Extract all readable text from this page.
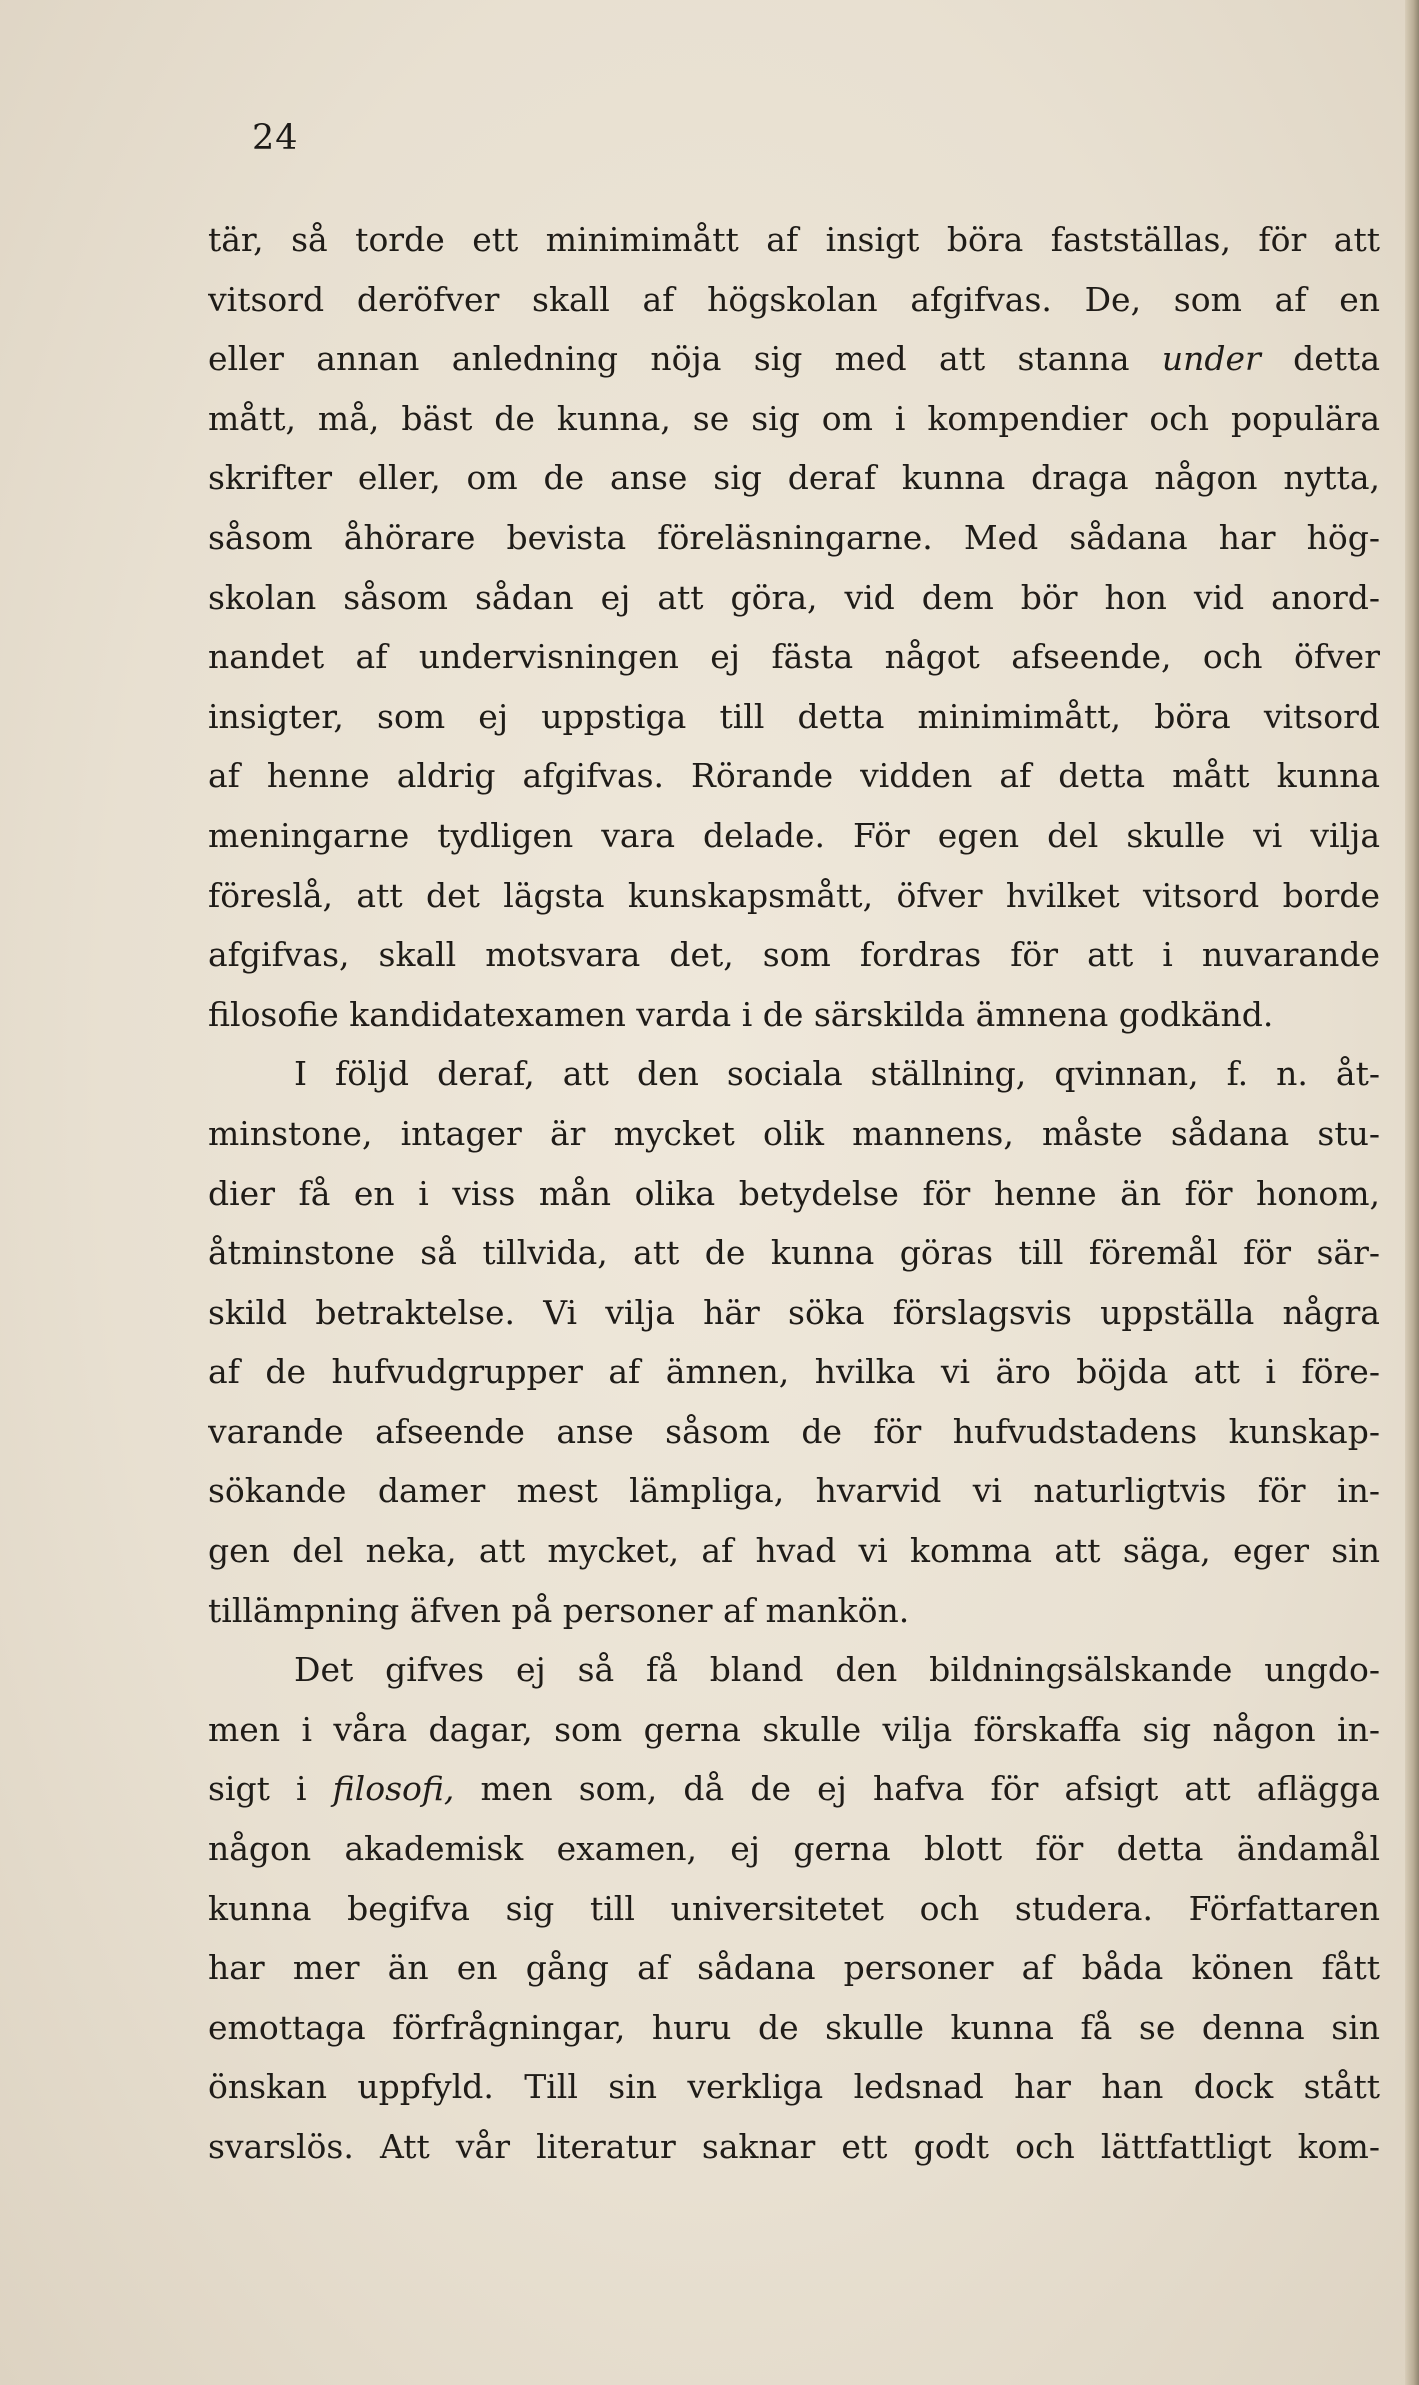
24
tär, så torde ett minimimått af insigt böra fastställas, för att
vitsord deröfver skall af högskolan afgifvas. De, som af en
eller annan anledning nöja sig med att stanna under detta
mått, må, bäst de kunna, se sig om i kompendier och populära
skrifter eller, om de anse sig deraf kunna draga någon nytta,
såsom åhörare bevista föreläsningarne. Med sådana har hög-
skolan såsom sådan ej att göra, vid dem bör hon vid anord-
nandet af undervisningen ej fästa något afseende, och öfver
insigter, som ej uppstiga till detta minimimått, böra vitsord
af henne aldrig afgifvas. Rörande vidden af detta mått kunna
meningarne tydligen vara delade. För egen del skulle vi vilja
föreslå, att det lägsta kunskapsmått, öfver hvilket vitsord borde
afgifvas, skall motsvara det, som fordras för att i nuvarande
filosofie kandidatexamen varda i de särskilda ämnena godkänd.
I följd deraf, att den sociala ställning, qvinnan, f. n. åt-
minstone, intager är mycket olik mannens, måste sådana stu-
dier få en i viss mån olika betydelse för henne än för honom,
åtminstone så tillvida, att de kunna göras till föremål för sär-
skild betraktelse. Vi vilja här söka förslagsvis uppställa några
af de hufvudgrupper af ämnen, hvilka vi äro böjda att i före-
varande afseende anse såsom de för hufvudstadens kunskap-
sökande damer mest lämpliga, hvarvid vi naturligtvis för in-
gen del neka, att mycket, af hvad vi komma att säga, eger sin
tillämpning äfven på personer af mankön.
Det gifves ej så få bland den bildningsälskande ungdo-
men i våra dagar, som gerna skulle vilja förskaffa sig någon in-
sigt i filosofi, men som, då de ej hafva för afsigt att aflägga
någon akademisk examen, ej gerna blott för detta ändamål
kunna begifva sig till universitetet och studera. Författaren
har mer än en gång af sådana personer af båda könen fått
emottaga förfrågningar, huru de skulle kunna få se denna sin
önskan uppfyld. Till sin verkliga ledsnad har han dock stått
svarslös. Att vår literatur saknar ett godt och lättfattligt kom-
